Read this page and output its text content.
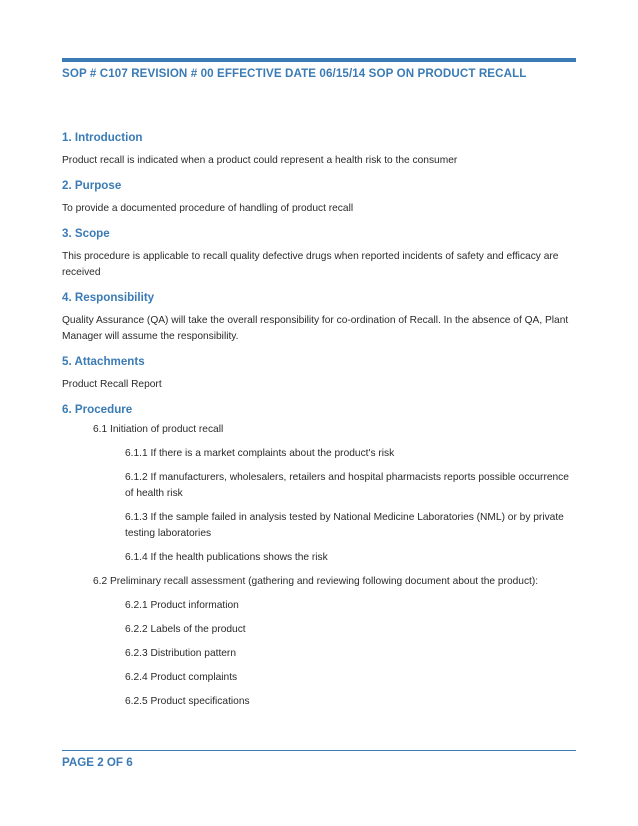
SOP # C107 REVISION # 00 EFFECTIVE DATE 06/15/14 SOP ON PRODUCT RECALL
1. Introduction

Product recall is indicated when a product could represent a health risk to the consumer

2. Purpose

To provide a documented procedure of handling of product recall

3. Scope

This procedure is applicable to recall quality defective drugs when reported incidents of safety and efficacy are received

4. Responsibility

Quality Assurance (QA) will take the overall responsibility for co-ordination of Recall. In the absence of QA, Plant Manager will assume the responsibility.

5. Attachments

Product Recall Report

6. Procedure
6.1 Initiation of product recall
6.1.1 If there is a market complaints about the product's risk
6.1.2 If manufacturers, wholesalers, retailers and hospital pharmacists reports possible occurrence of health risk
6.1.3 If the sample failed in analysis tested by National Medicine Laboratories (NML) or by private testing laboratories
6.1.4 If the health publications shows the risk
6.2 Preliminary recall assessment (gathering and reviewing following document about the product):
6.2.1 Product information
6.2.2 Labels of the product
6.2.3 Distribution pattern
6.2.4 Product complaints
6.2.5 Product specifications

PAGE 2 OF 6
